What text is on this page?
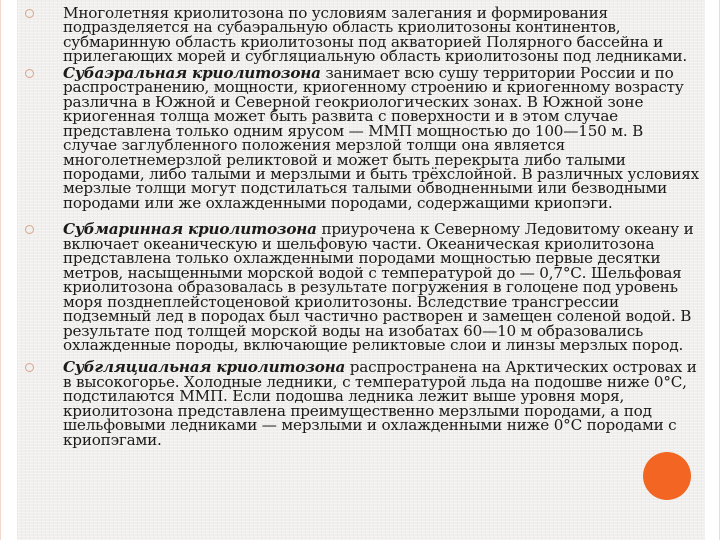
Многолетняя криолитозона по условиям залегания и формирования подразделяется на субаэральную область криолитозоны континентов, субмаринную область криолитозоны под акваторией Полярного бассейна и прилегающих морей и субгляциальную область криолитозоны под ледниками.
Субаэральная криолитозона занимает всю сушу территории России и по распространению, мощности, криогенному строению и криогенному возрасту различна в Южной и Северной геокриологических зонах. В Южной зоне криогенная толща может быть развита с поверхности и в этом случае представлена только одним ярусом — ММП мощностью до 100—150 м. В случае заглубленного положения мерзлой толщи она является многолетнемерзлой реликтовой и может быть перекрыта либо талыми породами, либо талыми и мерзлыми и быть трёхслойной. В различных условиях мерзлые толщи могут подстилаться талыми обводненными или безводными породами или же охлажденными породами, содержащими криопэги.
Субмаринная криолитозона приурочена к Северному Ледовитому океану и включает океаническую и шельфовую части. Океаническая криолитозона представлена только охлажденными породами мощностью первые десятки метров, насыщенными морской водой с температурой до — 0,7°С. Шельфовая криолитозона образовалась в результате погружения в голоцене под уровень моря позднеплейстоценовой криолитозоны. Вследствие трансгрессии подземный лед в породах был частично растворен и замещен соленой водой. В результате под толщей морской воды на изобатах 60—10 м образовались охлажденные породы, включающие реликтовые слои и линзы мерзлых пород.
Субгляциальная криолитозона распространена на Арктических островах и в высокогорье. Холодные ледники, с температурой льда на подошве ниже 0°С, подстилаются ММП. Если подошва ледника лежит выше уровня моря, криолитозона представлена преимущественно мерзлыми породами, а под шельфовыми ледниками — мерзлыми и охлажденными ниже 0°С породами с криопэгами.
